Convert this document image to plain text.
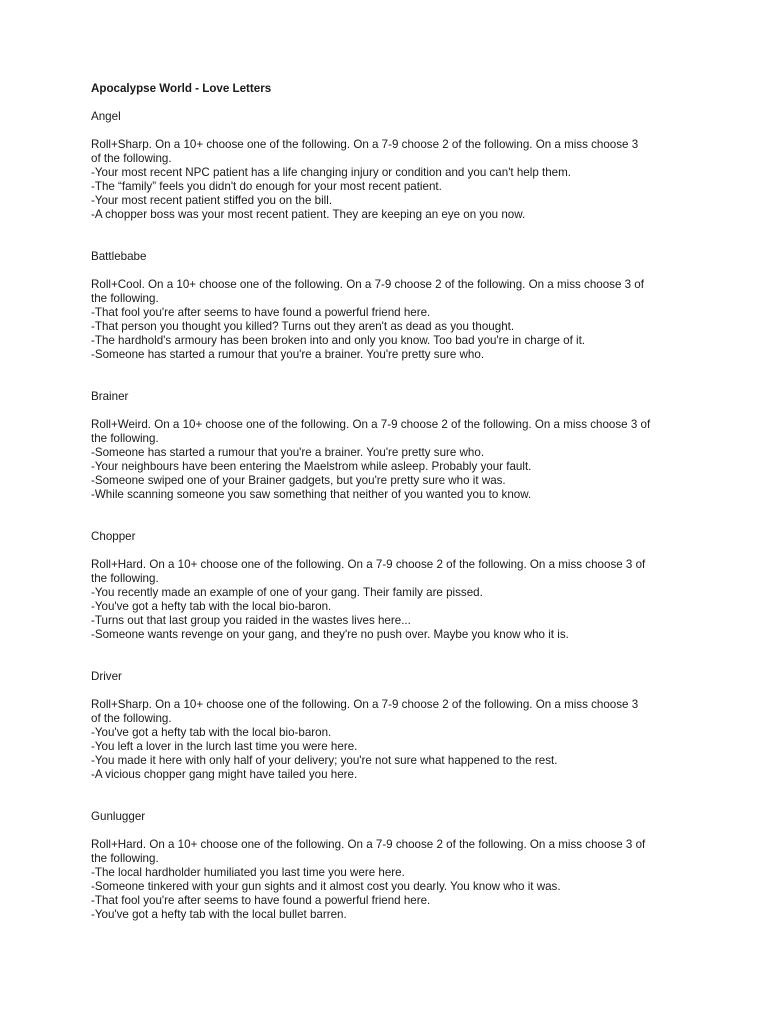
Apocalypse World - Love Letters
Angel
Roll+Sharp. On a 10+ choose one of the following. On a 7-9 choose 2 of the following. On a miss choose 3 of the following.
-Your most recent NPC patient has a life changing injury or condition and you can't help them.
-The “family” feels you didn't do enough for your most recent patient.
-Your most recent patient stiffed you on the bill.
-A chopper boss was your most recent patient. They are keeping an eye on you now.
Battlebabe
Roll+Cool. On a 10+ choose one of the following. On a 7-9 choose 2 of the following. On a miss choose 3 of the following.
-That fool you're after seems to have found a powerful friend here.
-That person you thought you killed? Turns out they aren't as dead as you thought.
-The hardhold's armoury has been broken into and only you know. Too bad you're in charge of it.
-Someone has started a rumour that you're a brainer. You're pretty sure who.
Brainer
Roll+Weird. On a 10+ choose one of the following. On a 7-9 choose 2 of the following. On a miss choose 3 of the following.
-Someone has started a rumour that you're a brainer. You're pretty sure who.
-Your neighbours have been entering the Maelstrom while asleep. Probably your fault.
-Someone swiped one of your Brainer gadgets, but you're pretty sure who it was.
-While scanning someone you saw something that neither of you wanted you to know.
Chopper
Roll+Hard. On a 10+ choose one of the following. On a 7-9 choose 2 of the following. On a miss choose 3 of the following.
-You recently made an example of one of your gang. Their family are pissed.
-You've got a hefty tab with the local bio-baron.
-Turns out that last group you raided in the wastes lives here...
-Someone wants revenge on your gang, and they're no push over. Maybe you know who it is.
Driver
Roll+Sharp. On a 10+ choose one of the following. On a 7-9 choose 2 of the following. On a miss choose 3 of the following.
-You've got a hefty tab with the local bio-baron.
-You left a lover in the lurch last time you were here.
-You made it here with only half of your delivery; you're not sure what happened to the rest.
-A vicious chopper gang might have tailed you here.
Gunlugger
Roll+Hard. On a 10+ choose one of the following. On a 7-9 choose 2 of the following. On a miss choose 3 of the following.
-The local hardholder humiliated you last time you were here.
-Someone tinkered with your gun sights and it almost cost you dearly. You know who it was.
-That fool you're after seems to have found a powerful friend here.
-You've got a hefty tab with the local bullet barren.
